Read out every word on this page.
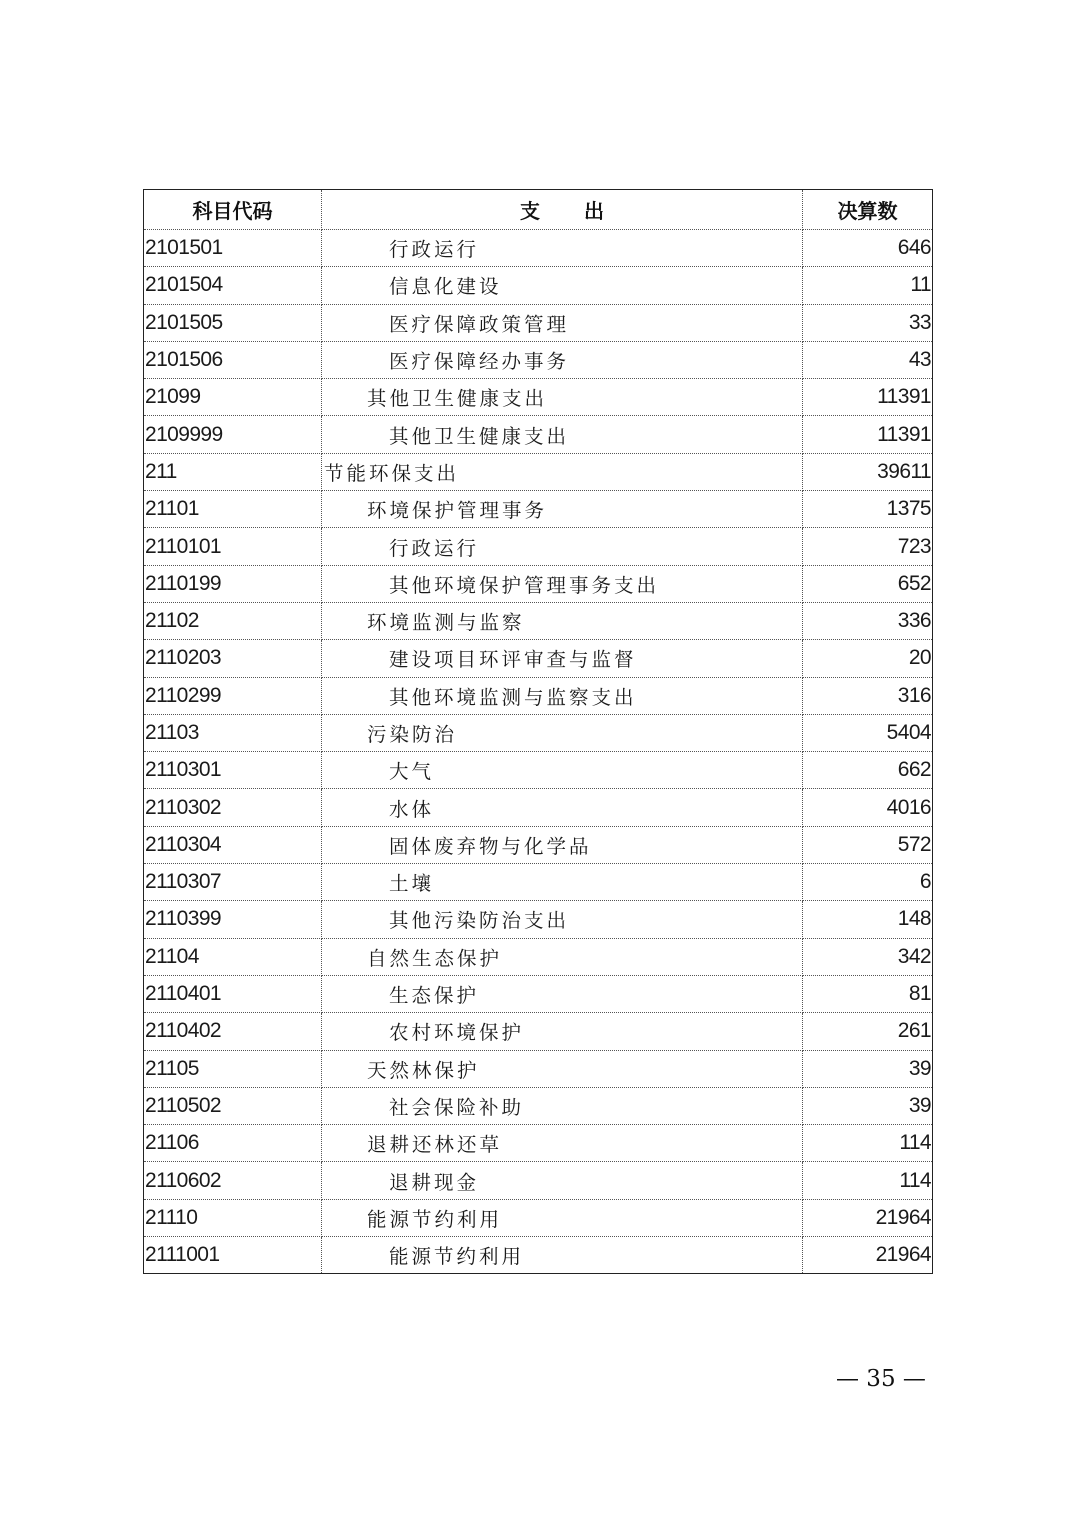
科目代码	支出	决算数
2101501	行政运行	646
2101504	信息化建设	11
2101505	医疗保障政策管理	33
2101506	医疗保障经办事务	43
21099	其他卫生健康支出	11391
2109999	其他卫生健康支出	11391
211	节能环保支出	39611
21101	环境保护管理事务	1375
2110101	行政运行	723
2110199	其他环境保护管理事务支出	652
21102	环境监测与监察	336
2110203	建设项目环评审查与监督	20
2110299	其他环境监测与监察支出	316
21103	污染防治	5404
2110301	大气	662
2110302	水体	4016
2110304	固体废弃物与化学品	572
2110307	土壤	6
2110399	其他污染防治支出	148
21104	自然生态保护	342
2110401	生态保护	81
2110402	农村环境保护	261
21105	天然林保护	39
2110502	社会保险补助	39
21106	退耕还林还草	114
2110602	退耕现金	114
21110	能源节约利用	21964
2111001	能源节约利用	21964
— 35 —
